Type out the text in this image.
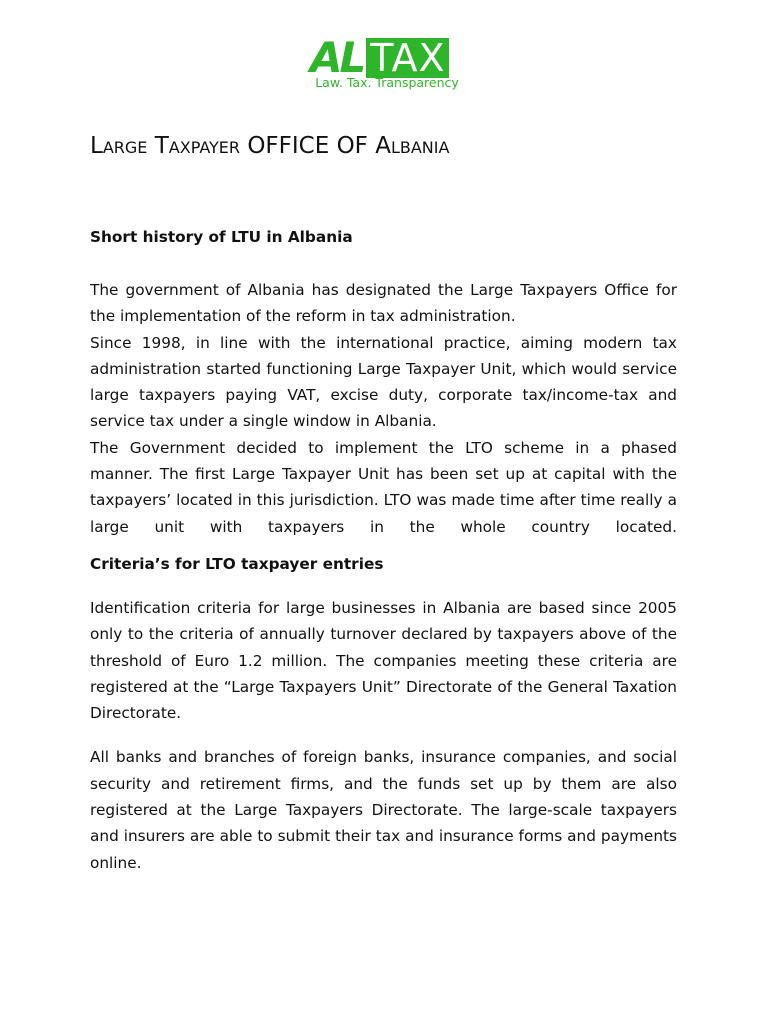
AL TAX
Law. Tax. Transparency
Large Taxpayer OFFICE OF Albania
Short history of LTU in Albania

The government of Albania has designated the Large Taxpayers Office for the implementation of the reform in tax administration.

Since 1998, in line with the international practice, aiming modern tax administration started functioning Large Taxpayer Unit, which would service large taxpayers paying VAT, excise duty, corporate tax/income-tax and service tax under a single window in Albania.

The Government decided to implement the LTO scheme in a phased manner. The first Large Taxpayer Unit has been set up at capital with the taxpayers’ located in this jurisdiction. LTO was made time after time really a large unit with taxpayers in the whole country located.

Criteria’s for LTO taxpayer entries

Identification criteria for large businesses in Albania are based since 2005 only to the criteria of annually turnover declared by taxpayers above of the threshold of Euro 1.2 million. The companies meeting these criteria are registered at the “Large Taxpayers Unit” Directorate of the General Taxation Directorate.

All banks and branches of foreign banks, insurance companies, and social security and retirement firms, and the funds set up by them are also registered at the Large Taxpayers Directorate. The large-scale taxpayers and insurers are able to submit their tax and insurance forms and payments online.
